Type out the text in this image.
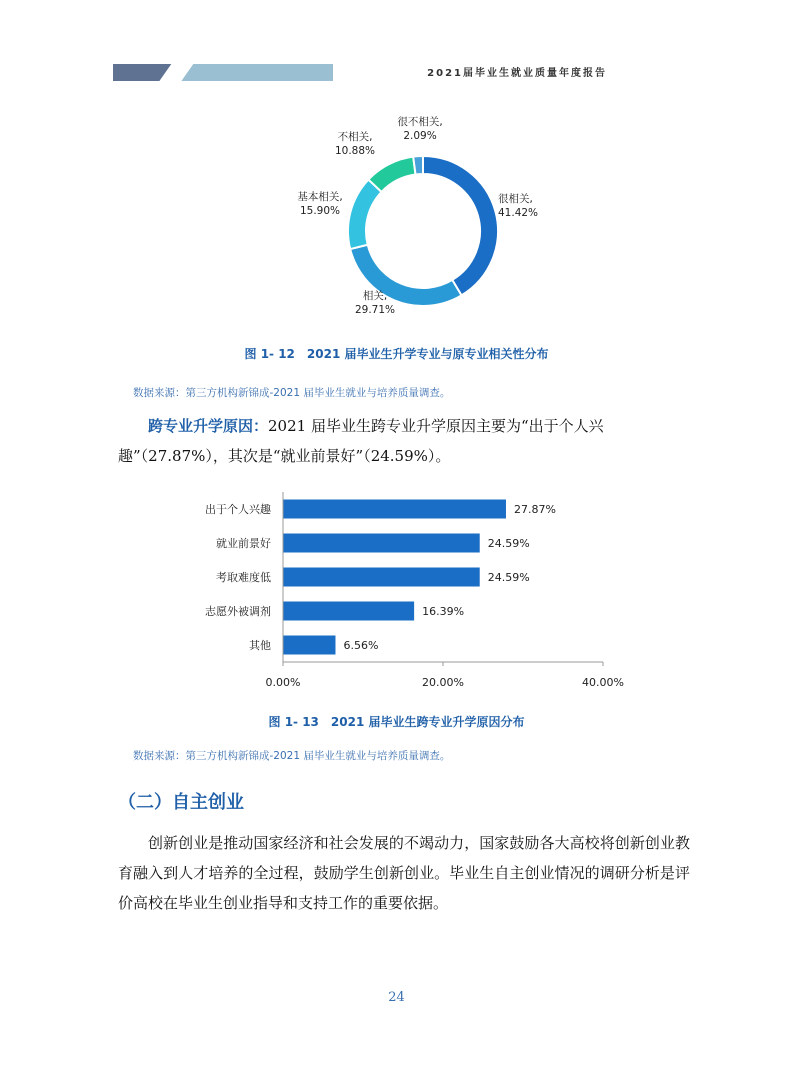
2021届毕业生就业质量年度报告
很不相关,
2.09%
不相关,
10.88%
基本相关,
15.90%
很相关,
41.42%
相关,
29.71%
图 1- 12　2021 届毕业生升学专业与原专业相关性分布
数据来源：第三方机构新锦成-2021 届毕业生就业与培养质量调查。
跨专业升学原因：2021 届毕业生跨专业升学原因主要为“出于个人兴趣”（27.87%），其次是“就业前景好”（24.59%）。
出于个人兴趣	27.87%
就业前景好	24.59%
考取难度低	24.59%
志愿外被调剂	16.39%
其他	6.56%
0.00%	20.00%	40.00%
图 1- 13　2021 届毕业生跨专业升学原因分布
数据来源：第三方机构新锦成-2021 届毕业生就业与培养质量调查。
（二）自主创业
创新创业是推动国家经济和社会发展的不竭动力，国家鼓励各大高校将创新创业教育融入到人才培养的全过程，鼓励学生创新创业。毕业生自主创业情况的调研分析是评价高校在毕业生创业指导和支持工作的重要依据。
24
